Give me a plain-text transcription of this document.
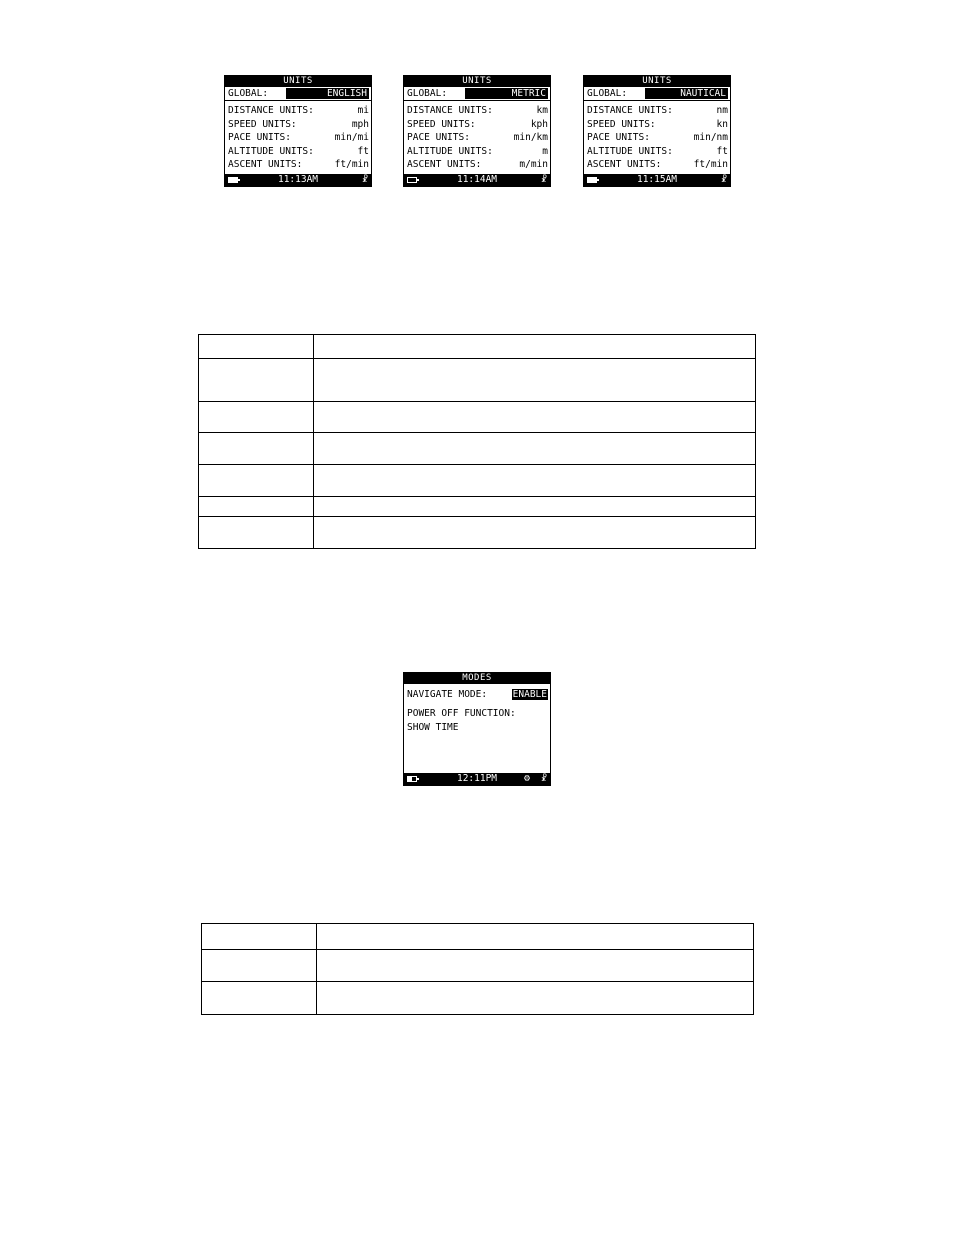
UNITS
GLOBAL:	ENGLISH
DISTANCE UNITS:	mi
SPEED UNITS:	mph
PACE UNITS:	min/mi
ALTITUDE UNITS:	ft
ASCENT UNITS:	ft/min
11:13AM	☧
UNITS
GLOBAL:	METRIC
DISTANCE UNITS:	km
SPEED UNITS:	kph
PACE UNITS:	min/km
ALTITUDE UNITS:	m
ASCENT UNITS:	m/min
11:14AM	☧
UNITS
GLOBAL:	NAUTICAL
DISTANCE UNITS:	nm
SPEED UNITS:	kn
PACE UNITS:	min/nm
ALTITUDE UNITS:	ft
ASCENT UNITS:	ft/min
11:15AM	☧

MODES
NAVIGATE MODE:	ENABLE
POWER OFF FUNCTION:
SHOW TIME
12:11PM	⚙ ☧
